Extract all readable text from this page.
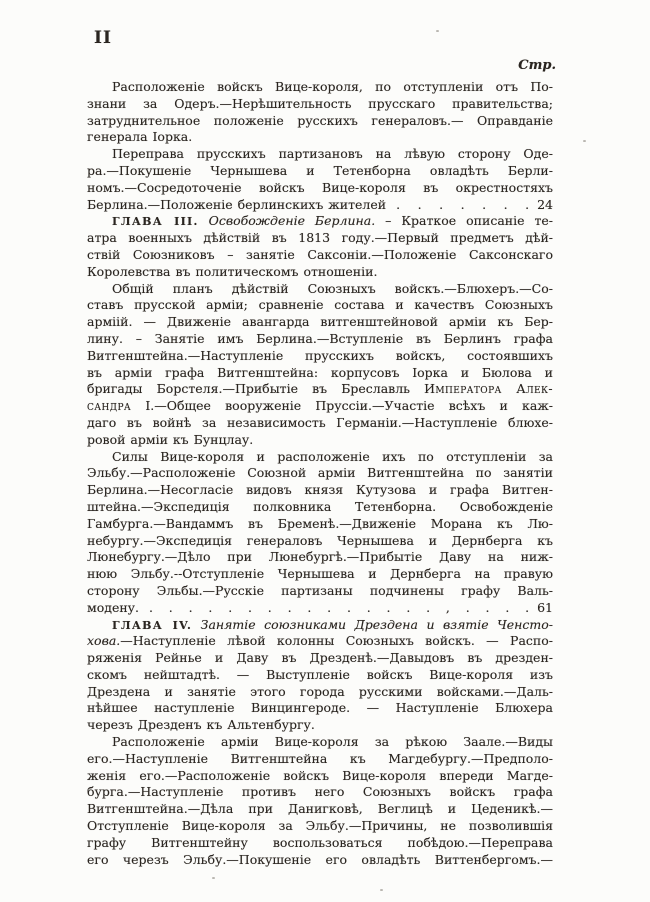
II
Стр.
Расположеніе войскъ Вице-короля, по отступленіи отъ По-
знани за Одеръ.—Нерѣшительность прусскаго правительства;
затруднительное положеніе русскихъ генераловъ.— Оправданіе
генерала Іорка.
Переправа прусскихъ партизановъ на лѣвую сторону Оде-
ра.—Покушеніе Чернышева и Тетенборна овладѣть Берли-
номъ.—Сосредоточеніе войскъ Вице-короля въ окрестностяхъ
Берлина.—Положеніе берлинскихъ жителей . . . . . . . 24
ГЛАВА III. Освобожденіе Берлина. – Краткое описаніе те-
атра военныхъ дѣйствій въ 1813 году.—Первый предметъ дѣй-
ствій Союзниковъ – занятіе Саксоніи.—Положеніе Саксонскаго
Королевства въ политическомъ отношеніи.
Общій планъ дѣйствій Союзныхъ войскъ.—Блюхеръ.—Со-
ставъ прусской арміи; сравненіе состава и качествъ Союзныхъ
арміій. — Движеніе авангарда витгенштейновой арміи къ Бер-
лину. – Занятіе имъ Берлина.—Вступленіе въ Берлинъ графа
Витгенштейна.—Наступленіе прусскихъ войскъ, состоявшихъ
въ арміи графа Витгенштейна: корпусовъ Іорка и Бюлова и
бригады Борстеля.—Прибытіе въ Бреславль Императора Алек-
сандра І.—Общее вооруженіе Пруссіи.—Участіе всѣхъ и каж-
даго въ войнѣ за независимость Германіи.—Наступленіе блюхе-
ровой арміи къ Бунцлау.
Силы Вице-короля и расположеніе ихъ по отступленіи за
Эльбу.—Расположеніе Союзной арміи Витгенштейна по занятіи
Берлина.—Несогласіе видовъ князя Кутузова и графа Витген-
штейна.—Экспедиція полковника Тетенборна. Освобожденіе
Гамбурга.—Вандаммъ въ Бременѣ.—Движеніе Морана къ Лю-
небургу.—Экспедиція генераловъ Чернышева и Дернберга къ
Люнебургу.—Дѣло при Люнебургѣ.—Прибытіе Даву на ниж-
нюю Эльбу.--Отступленіе Чернышева и Дернберга на правую
сторону Эльбы.—Русскіе партизаны подчинены графу Валь-
модену. . . . . . . . . . . . . . . . , . . . . 61
ГЛАВА IV. Занятіе союзниками Дрездена и взятіе Ченсто-
хова.—Наступленіе лѣвой колонны Союзныхъ войскъ. — Распо-
ряженія Рейнье и Даву въ Дрезденѣ.—Давыдовъ въ дрезден-
скомъ нейштадтѣ. — Выступленіе войскъ Вице-короля изъ
Дрездена и занятіе этого города русскими войсками.—Даль-
нѣйшее наступленіе Винцингероде. — Наступленіе Блюхера
черезъ Дрезденъ къ Альтенбургу.
Расположеніе арміи Вице-короля за рѣкою Заале.—Виды
его.—Наступленіе Витгенштейна къ Магдебургу.—Предполо-
женія его.—Расположеніе войскъ Вице-короля впереди Магде-
бурга.—Наступленіе противъ него Союзныхъ войскъ графа
Витгенштейна.—Дѣла при Данигковѣ, Веглицѣ и Цеденикѣ.—
Отступленіе Вице-короля за Эльбу.—Причины, не позволившія
графу Витгенштейну воспользоваться побѣдою.—Переправа
его черезъ Эльбу.—Покушеніе его овладѣть Виттенбергомъ.—
